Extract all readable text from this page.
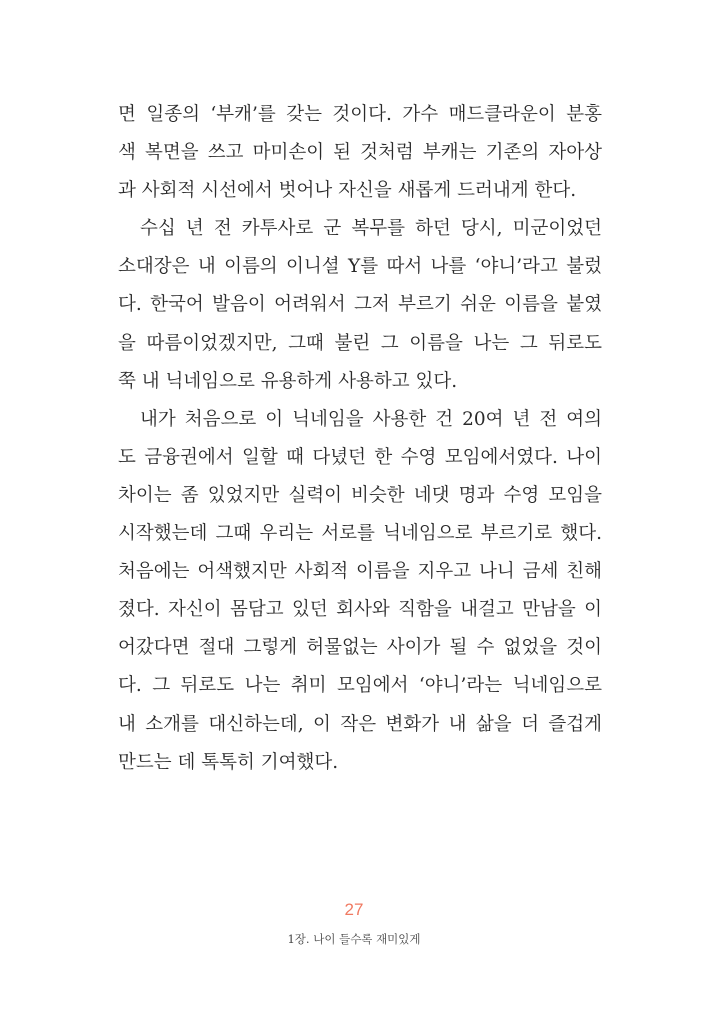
면 일종의 ‘부캐’를 갖는 것이다. 가수 매드클라운이 분홍
색 복면을 쓰고 마미손이 된 것처럼 부캐는 기존의 자아상
과 사회적 시선에서 벗어나 자신을 새롭게 드러내게 한다.
수십 년 전 카투사로 군 복무를 하던 당시, 미군이었던
소대장은 내 이름의 이니셜 Y를 따서 나를 ‘야니’라고 불렀
다. 한국어 발음이 어려워서 그저 부르기 쉬운 이름을 붙였
을 따름이었겠지만, 그때 불린 그 이름을 나는 그 뒤로도
쭉 내 닉네임으로 유용하게 사용하고 있다.
내가 처음으로 이 닉네임을 사용한 건 20여 년 전 여의
도 금융권에서 일할 때 다녔던 한 수영 모임에서였다. 나이
차이는 좀 있었지만 실력이 비슷한 네댓 명과 수영 모임을
시작했는데 그때 우리는 서로를 닉네임으로 부르기로 했다.
처음에는 어색했지만 사회적 이름을 지우고 나니 금세 친해
졌다. 자신이 몸담고 있던 회사와 직함을 내걸고 만남을 이
어갔다면 절대 그렇게 허물없는 사이가 될 수 없었을 것이
다. 그 뒤로도 나는 취미 모임에서 ‘야니’라는 닉네임으로
내 소개를 대신하는데, 이 작은 변화가 내 삶을 더 즐겁게
만드는 데 톡톡히 기여했다.
27
1장. 나이 들수록 재미있게
